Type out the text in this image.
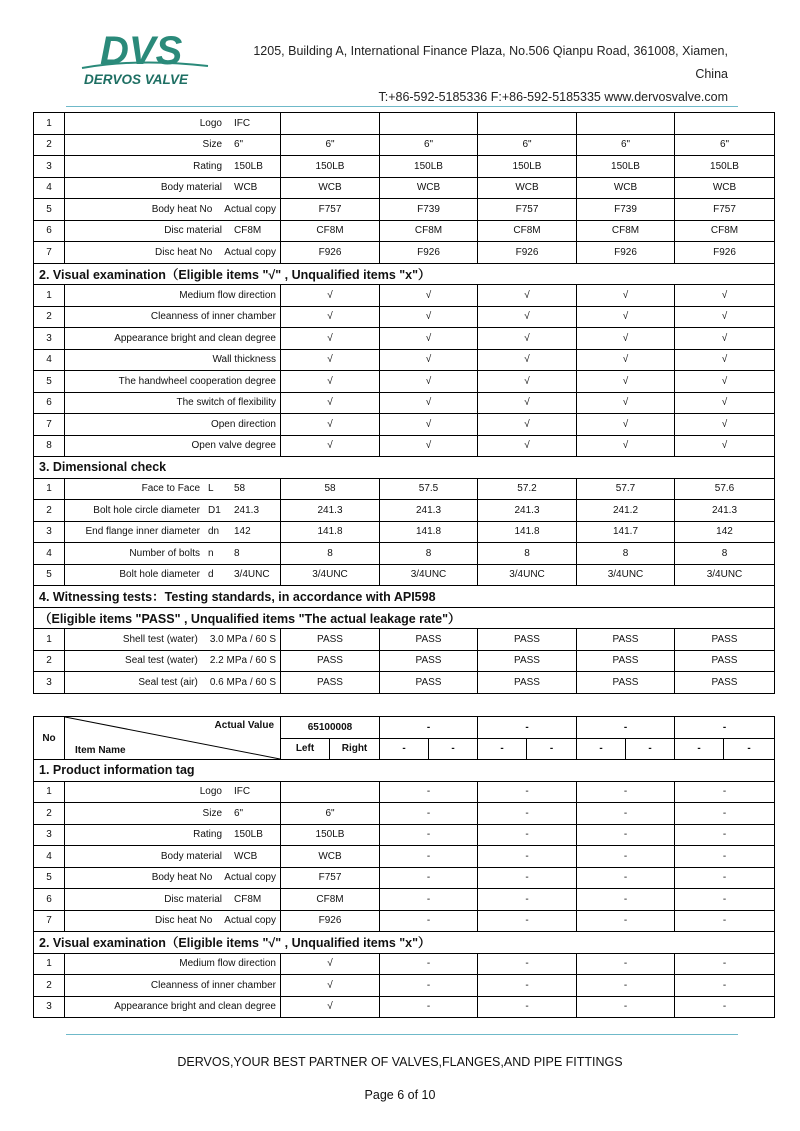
DVS
DERVOS VALVE
1205, Building A, International Finance Plaza, No.506 Qianpu Road, 361008, Xiamen, China
T:+86-592-5185336 F:+86-592-5185335 www.dervosvalve.com
1	Logo IFC					
2	Size 6"	6"	6"	6"	6"	6"
3	Rating 150LB	150LB	150LB	150LB	150LB	150LB
4	Body material WCB	WCB	WCB	WCB	WCB	WCB
5	Body heat No Actual copy	F757	F739	F757	F739	F757
6	Disc material CF8M	CF8M	CF8M	CF8M	CF8M	CF8M
7	Disc heat No Actual copy	F926	F926	F926	F926	F926
2. Visual examination（Eligible items "√" , Unqualified items "x"）						
1	Medium flow direction	√	√	√	√	√
2	Cleanness of inner chamber	√	√	√	√	√
3	Appearance bright and clean degree	√	√	√	√	√
4	Wall thickness	√	√	√	√	√
5	The handwheel cooperation degree	√	√	√	√	√
6	The switch of flexibility	√	√	√	√	√
7	Open direction	√	√	√	√	√
8	Open valve degree	√	√	√	√	√
3. Dimensional check						
1	Face to Face L 58	58	57.5	57.2	57.7	57.6
2	Bolt hole circle diameter D1 241.3	241.3	241.3	241.3	241.2	241.3
3	End flange inner diameter dn 142	141.8	141.8	141.8	141.7	142
4	Number of bolts n 8	8	8	8	8	8
5	Bolt hole diameter d 3/4UNC	3/4UNC	3/4UNC	3/4UNC	3/4UNC	3/4UNC
4. Witnessing tests：Testing standards, in accordance with API598						
（Eligible items "PASS" , Unqualified items "The actual leakage rate"）						
1	Shell test (water) 3.0 MPa / 60 S	PASS	PASS	PASS	PASS	PASS
2	Seal test (water) 2.2 MPa / 60 S	PASS	PASS	PASS	PASS	PASS
3	Seal test (air) 0.6 MPa / 60 S	PASS	PASS	PASS	PASS	PASS
No	Actual Value
Item Name	65100008		-		-		-		-	
		Left	Right	-	-	-	-	-	-	-	-
1. Product information tag											
1	Logo IFC			-		-		-		-	
2	Size 6"	6"		-		-		-		-	
3	Rating 150LB	150LB		-		-		-		-	
4	Body material WCB	WCB		-		-		-		-	
5	Body heat No Actual copy	F757		-		-		-		-	
6	Disc material CF8M	CF8M		-		-		-		-	
7	Disc heat No Actual copy	F926		-		-		-		-	
2. Visual examination（Eligible items "√" , Unqualified items "x"）											
1	Medium flow direction	√		-		-		-		-	
2	Cleanness of inner chamber	√		-		-		-		-	
3	Appearance bright and clean degree	√		-		-		-		-	
DERVOS,YOUR BEST PARTNER OF VALVES,FLANGES,AND PIPE FITTINGS
Page 6 of 10
